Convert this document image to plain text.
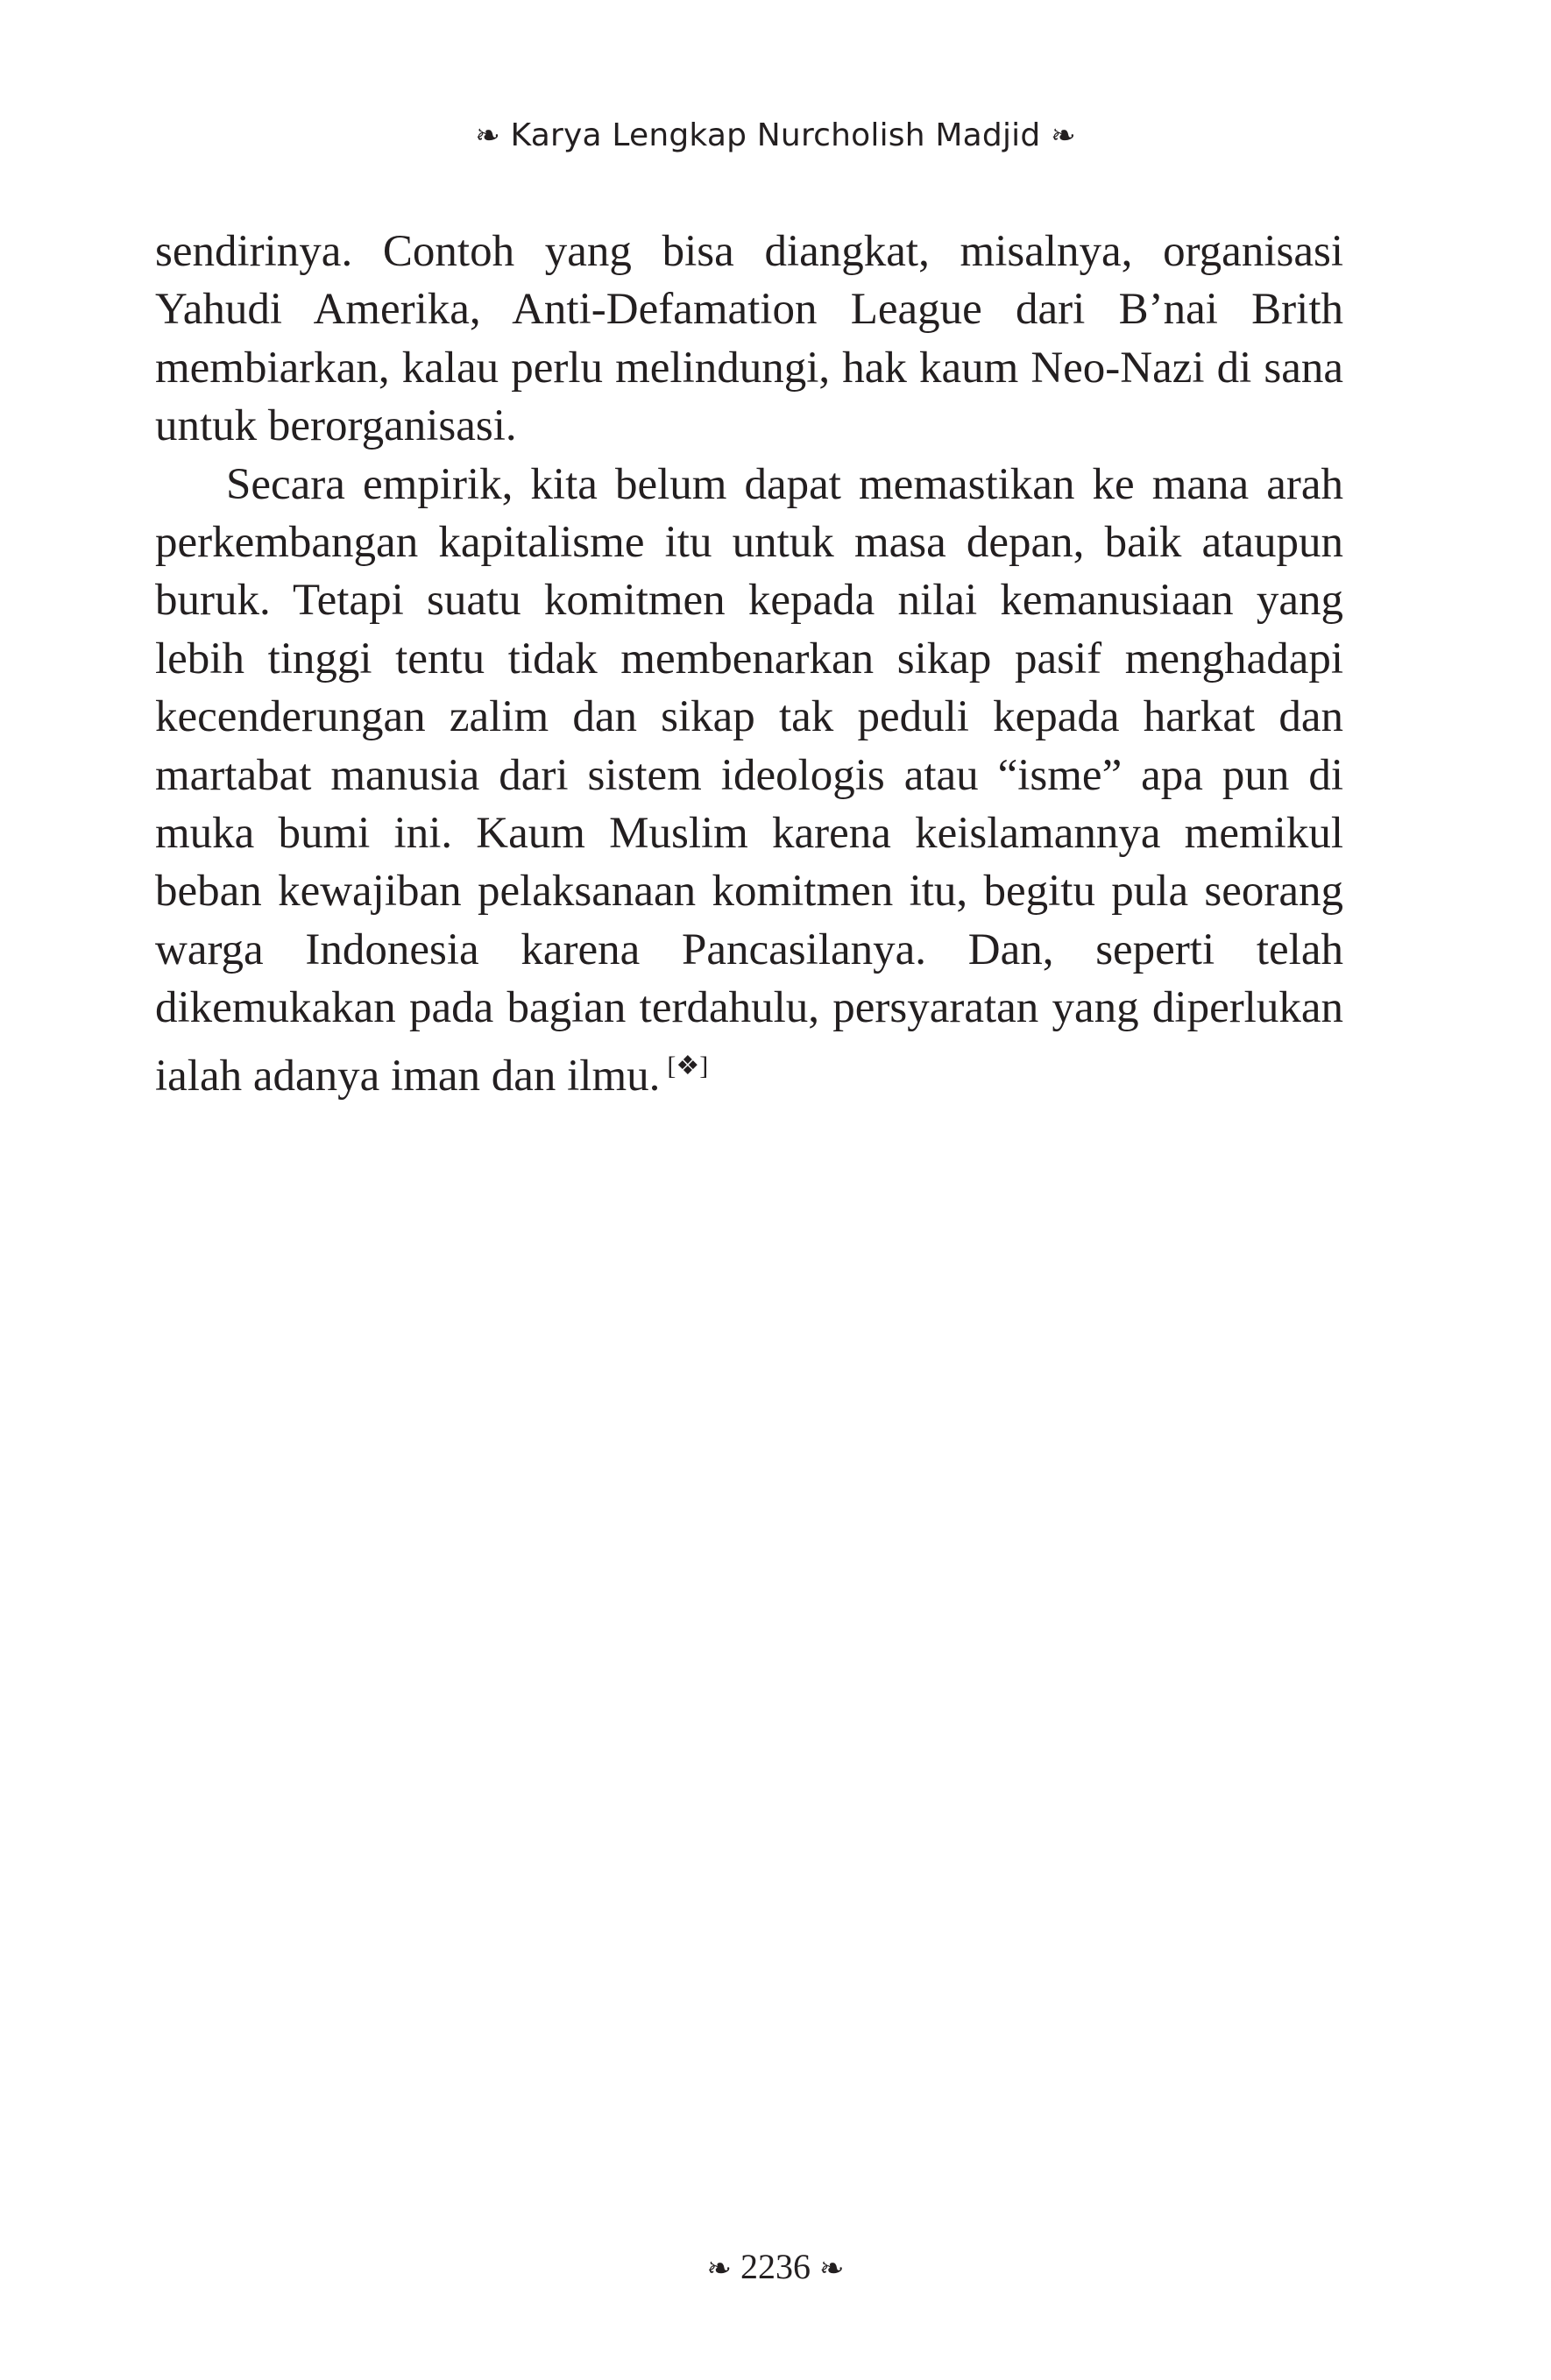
❧ Karya Lengkap Nurcholish Madjid ❧

sendirinya. Contoh yang bisa diangkat, misalnya, organisasi Yahudi Amerika, Anti-Defamation League dari B’nai Brith membiarkan, kalau perlu melindungi, hak kaum Neo-Nazi di sana untuk berorganisasi.

Secara empirik, kita belum dapat memastikan ke mana arah perkembangan kapitalisme itu untuk masa depan, baik ataupun buruk. Tetapi suatu komitmen kepada nilai kemanusiaan yang lebih tinggi tentu tidak membenarkan sikap pasif menghadapi kecenderungan zalim dan sikap tak peduli kepada harkat dan martabat manusia dari sistem ideologis atau “isme” apa pun di muka bumi ini. Kaum Muslim karena keislamannya memikul beban kewajiban pelaksanaan komitmen itu, begitu pula seorang warga Indonesia karena Pancasilanya. Dan, seperti telah dikemukakan pada bagian terdahulu, persyaratan yang diperlukan ialah adanya iman dan ilmu. [❖]

❧ 2236 ❧
